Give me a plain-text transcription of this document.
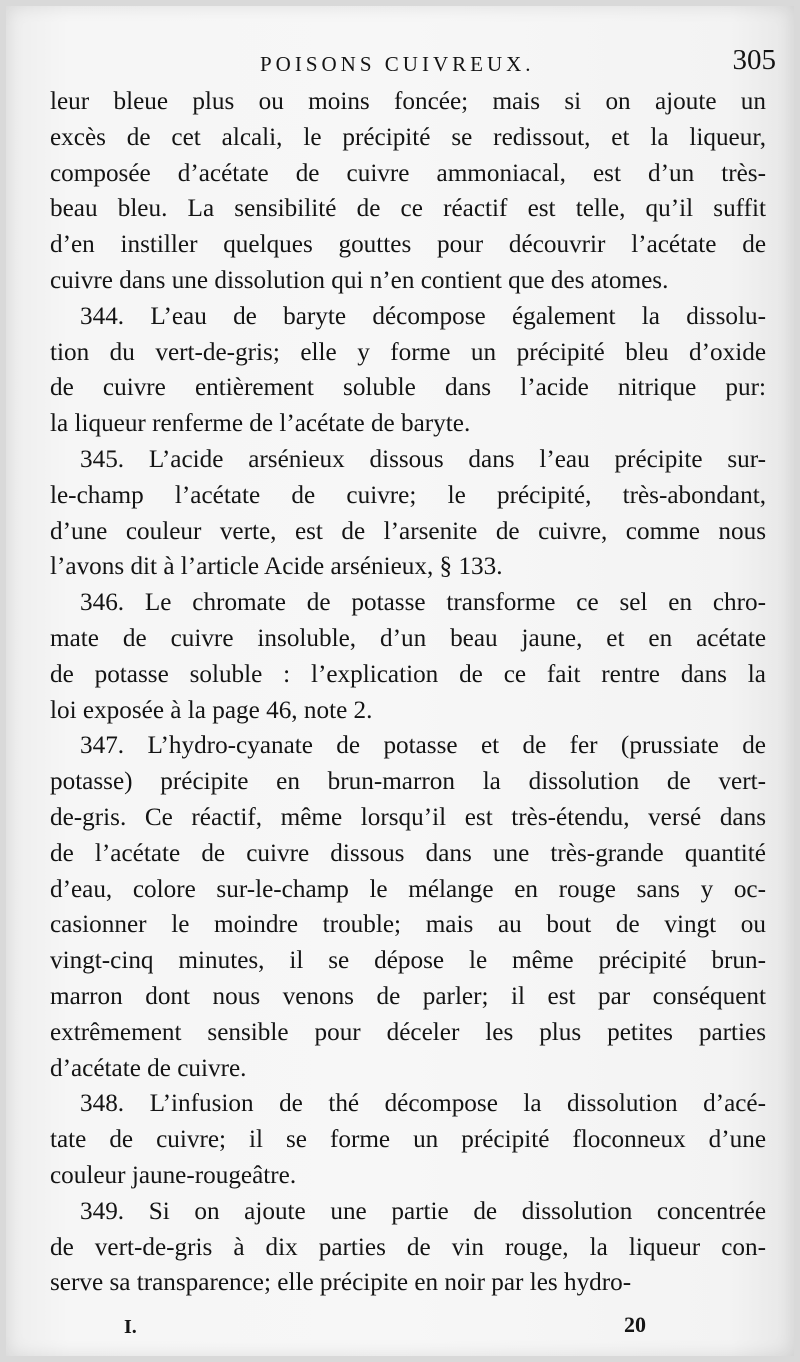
POISONS CUIVREUX.	305

leur bleue plus ou moins foncée; mais si on ajoute un
excès de cet alcali, le précipité se redissout, et la liqueur,
composée d’acétate de cuivre ammoniacal, est d’un très-
beau bleu. La sensibilité de ce réactif est telle, qu’il suffit
d’en instiller quelques gouttes pour découvrir l’acétate de
cuivre dans une dissolution qui n’en contient que des atomes.

344. L’eau de baryte décompose également la dissolu-
tion du vert-de-gris; elle y forme un précipité bleu d’oxide
de cuivre entièrement soluble dans l’acide nitrique pur:
la liqueur renferme de l’acétate de baryte.

345. L’acide arsénieux dissous dans l’eau précipite sur-
le-champ l’acétate de cuivre; le précipité, très-abondant,
d’une couleur verte, est de l’arsenite de cuivre, comme nous
l’avons dit à l’article Acide arsénieux, § 133.

346. Le chromate de potasse transforme ce sel en chro-
mate de cuivre insoluble, d’un beau jaune, et en acétate
de potasse soluble : l’explication de ce fait rentre dans la
loi exposée à la page 46, note 2.

347. L’hydro-cyanate de potasse et de fer (prussiate de
potasse) précipite en brun-marron la dissolution de vert-
de-gris. Ce réactif, même lorsqu’il est très-étendu, versé dans
de l’acétate de cuivre dissous dans une très-grande quantité
d’eau, colore sur-le-champ le mélange en rouge sans y oc-
casionner le moindre trouble; mais au bout de vingt ou
vingt-cinq minutes, il se dépose le même précipité brun-
marron dont nous venons de parler; il est par conséquent
extrêmement sensible pour déceler les plus petites parties
d’acétate de cuivre.

348. L’infusion de thé décompose la dissolution d’acé-
tate de cuivre; il se forme un précipité floconneux d’une
couleur jaune-rougeâtre.

349. Si on ajoute une partie de dissolution concentrée
de vert-de-gris à dix parties de vin rouge, la liqueur con-
serve sa transparence; elle précipite en noir par les hydro-

I.	20
